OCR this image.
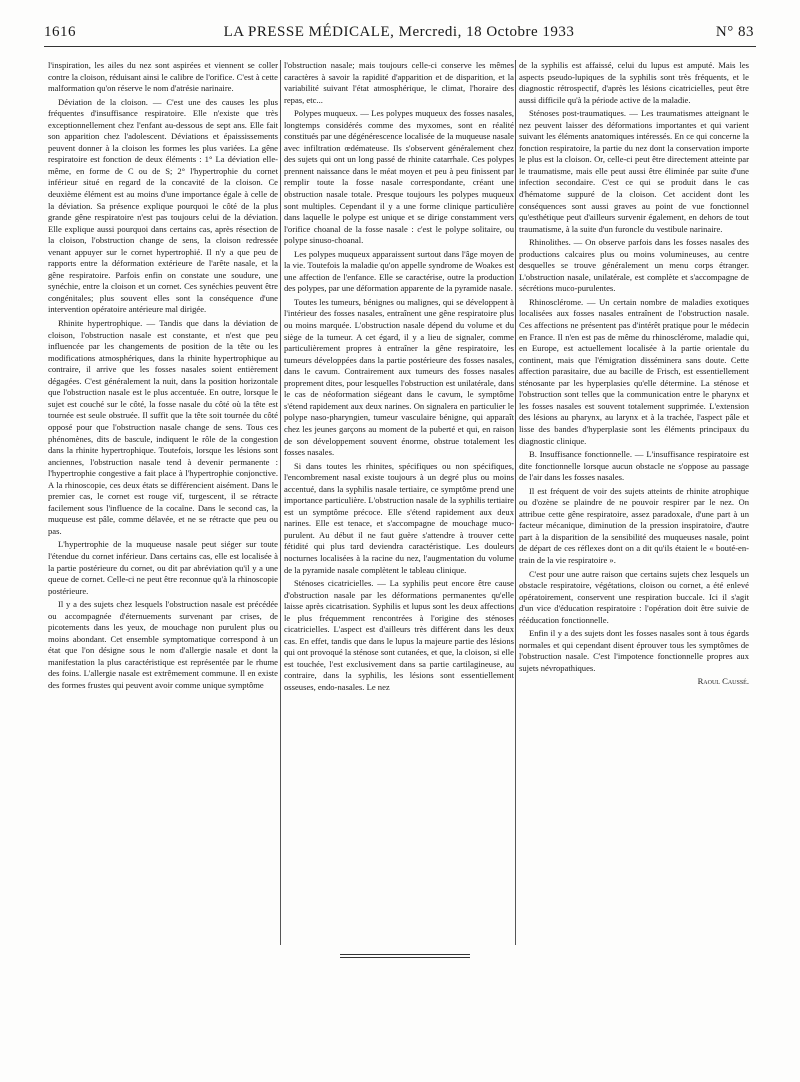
1616	LA PRESSE MÉDICALE, Mercredi, 18 Octobre 1933	N° 83

l'inspiration, les ailes du nez sont aspirées et viennent se coller contre la cloison, réduisant ainsi le calibre de l'orifice. C'est à cette malformation qu'on réserve le nom d'atrésie narinaire.

Déviation de la cloison. — C'est une des causes les plus fréquentes d'insuffisance respiratoire. Elle n'existe que très exceptionnellement chez l'enfant au-dessous de sept ans. Elle fait son apparition chez l'adolescent. Déviations et épaississements peuvent donner à la cloison les formes les plus variées. La gêne respiratoire est fonction de deux éléments : 1° La déviation elle-même, en forme de C ou de S; 2° l'hypertrophie du cornet inférieur situé en regard de la concavité de la cloison. Ce deuxième élément est au moins d'une importance égale à celle de la déviation. Sa présence explique pourquoi le côté de la plus grande gêne respiratoire n'est pas toujours celui de la déviation. Elle explique aussi pourquoi dans certains cas, après résection de la cloison, l'obstruction change de sens, la cloison redressée venant appuyer sur le cornet hypertrophié. Il n'y a que peu de rapports entre la déformation extérieure de l'arête nasale, et la gêne respiratoire. Parfois enfin on constate une soudure, une synéchie, entre la cloison et un cornet. Ces synéchies peuvent être congénitales; plus souvent elles sont la conséquence d'une intervention opératoire antérieure mal dirigée.

Rhinite hypertrophique. — Tandis que dans la déviation de cloison, l'obstruction nasale est constante, et n'est que peu influencée par les changements de position de la tête ou les modifications atmosphériques, dans la rhinite hypertrophique au contraire, il arrive que les fosses nasales soient entièrement dégagées. C'est généralement la nuit, dans la position horizontale que l'obstruction nasale est le plus accentuée. En outre, lorsque le sujet est couché sur le côté, la fosse nasale du côté où la tête est tournée est seule obstruée. Il suffit que la tête soit tournée du côté opposé pour que l'obstruction nasale change de sens. Tous ces phénomènes, dits de bascule, indiquent le rôle de la congestion dans la rhinite hypertrophique. Toutefois, lorsque les lésions sont anciennes, l'obstruction nasale tend à devenir permanente : l'hypertrophie congestive a fait place à l'hypertrophie conjonctive. A la rhinoscopie, ces deux états se différencient aisément. Dans le premier cas, le cornet est rouge vif, turgescent, il se rétracte facilement sous l'influence de la cocaïne. Dans le second cas, la muqueuse est pâle, comme délavée, et ne se rétracte que peu ou pas.

L'hypertrophie de la muqueuse nasale peut siéger sur toute l'étendue du cornet inférieur. Dans certains cas, elle est localisée à la partie postérieure du cornet, ou dit par abréviation qu'il y a une queue de cornet. Celle-ci ne peut être reconnue qu'à la rhinoscopie postérieure.

Il y a des sujets chez lesquels l'obstruction nasale est précédée ou accompagnée d'éternuements survenant par crises, de picotements dans les yeux, de mouchage non purulent plus ou moins abondant. Cet ensemble symptomatique correspond à un état que l'on désigne sous le nom d'allergie nasale et dont la manifestation la plus caractéristique est représentée par le rhume des foins. L'allergie nasale est extrêmement commune. Il en existe des formes frustes qui peuvent avoir comme unique symptôme

l'obstruction nasale; mais toujours celle-ci conserve les mêmes caractères à savoir la rapidité d'apparition et de disparition, et la variabilité suivant l'état atmosphérique, le climat, l'horaire des repas, etc...

Polypes muqueux. — Les polypes muqueux des fosses nasales, longtemps considérés comme des myxomes, sont en réalité constitués par une dégénérescence localisée de la muqueuse nasale avec infiltration œdémateuse. Ils s'observent généralement chez des sujets qui ont un long passé de rhinite catarrhale. Ces polypes prennent naissance dans le méat moyen et peu à peu finissent par remplir toute la fosse nasale correspondante, créant une obstruction nasale totale. Presque toujours les polypes muqueux sont multiples. Cependant il y a une forme clinique particulière dans laquelle le polype est unique et se dirige constamment vers l'orifice choanal de la fosse nasale : c'est le polype solitaire, ou polype sinuso-choanal.

Les polypes muqueux apparaissent surtout dans l'âge moyen de la vie. Toutefois la maladie qu'on appelle syndrome de Woakes est une affection de l'enfance. Elle se caractérise, outre la production des polypes, par une déformation apparente de la pyramide nasale.

Toutes les tumeurs, bénignes ou malignes, qui se développent à l'intérieur des fosses nasales, entraînent une gêne respiratoire plus ou moins marquée. L'obstruction nasale dépend du volume et du siège de la tumeur. A cet égard, il y a lieu de signaler, comme particulièrement propres à entraîner la gêne respiratoire, les tumeurs développées dans la partie postérieure des fosses nasales, dans le cavum. Contrairement aux tumeurs des fosses nasales proprement dites, pour lesquelles l'obstruction est unilatérale, dans le cas de néoformation siégeant dans le cavum, le symptôme s'étend rapidement aux deux narines. On signalera en particulier le polype naso-pharyngien, tumeur vasculaire bénigne, qui apparaît chez les jeunes garçons au moment de la puberté et qui, en raison de son développement souvent énorme, obstrue totalement les fosses nasales.

Si dans toutes les rhinites, spécifiques ou non spécifiques, l'encombrement nasal existe toujours à un degré plus ou moins accentué, dans la syphilis nasale tertiaire, ce symptôme prend une importance particulière. L'obstruction nasale de la syphilis tertiaire est un symptôme précoce. Elle s'étend rapidement aux deux narines. Elle est tenace, et s'accompagne de mouchage muco-purulent. Au début il ne faut guère s'attendre à trouver cette fétidité qui plus tard deviendra caractéristique. Les douleurs nocturnes localisées à la racine du nez, l'augmentation du volume de la pyramide nasale complètent le tableau clinique.

Sténoses cicatricielles. — La syphilis peut encore être cause d'obstruction nasale par les déformations permanentes qu'elle laisse après cicatrisation. Syphilis et lupus sont les deux affections le plus fréquemment rencontrées à l'origine des sténoses cicatricielles. L'aspect est d'ailleurs très différent dans les deux cas. En effet, tandis que dans le lupus la majeure partie des lésions qui ont provoqué la sténose sont cutanées, et que, la cloison, si elle est touchée, l'est exclusivement dans sa partie cartilagineuse, au contraire, dans la syphilis, les lésions sont essentiellement osseuses, endo-nasales. Le nez

de la syphilis est affaissé, celui du lupus est amputé. Mais les aspects pseudo-lupiques de la syphilis sont très fréquents, et le diagnostic rétrospectif, d'après les lésions cicatricielles, peut être aussi difficile qu'à la période active de la maladie.

Sténoses post-traumatiques. — Les traumatismes atteignant le nez peuvent laisser des déformations importantes et qui varient suivant les éléments anatomiques intéressés. En ce qui concerne la fonction respiratoire, la partie du nez dont la conservation importe le plus est la cloison. Or, celle-ci peut être directement atteinte par le traumatisme, mais elle peut aussi être éliminée par suite d'une infection secondaire. C'est ce qui se produit dans le cas d'hématome suppuré de la cloison. Cet accident dont les conséquences sont aussi graves au point de vue fonctionnel qu'esthétique peut d'ailleurs survenir également, en dehors de tout traumatisme, à la suite d'un furoncle du vestibule narinaire.

Rhinolithes. — On observe parfois dans les fosses nasales des productions calcaires plus ou moins volumineuses, au centre desquelles se trouve généralement un menu corps étranger. L'obstruction nasale, unilatérale, est complète et s'accompagne de sécrétions muco-purulentes.

Rhinosclérome. — Un certain nombre de maladies exotiques localisées aux fosses nasales entraînent de l'obstruction nasale. Ces affections ne présentent pas d'intérêt pratique pour le médecin en France. Il n'en est pas de même du rhinosclérome, maladie qui, en Europe, est actuellement localisée à la partie orientale du continent, mais que l'émigration disséminera sans doute. Cette affection parasitaire, due au bacille de Frisch, est essentiellement sténosante par les hyperplasies qu'elle détermine. La sténose et l'obstruction sont telles que la communication entre le pharynx et les fosses nasales est souvent totalement supprimée. L'extension des lésions au pharynx, au larynx et à la trachée, l'aspect pâle et lisse des bandes d'hyperplasie sont les éléments principaux du diagnostic clinique.

B. Insuffisance fonctionnelle. — L'insuffisance respiratoire est dite fonctionnelle lorsque aucun obstacle ne s'oppose au passage de l'air dans les fosses nasales.

Il est fréquent de voir des sujets atteints de rhinite atrophique ou d'ozène se plaindre de ne pouvoir respirer par le nez. On attribue cette gêne respiratoire, assez paradoxale, d'une part à un facteur mécanique, diminution de la pression inspiratoire, d'autre part à la disparition de la sensibilité des muqueuses nasale, point de départ de ces réflexes dont on a dit qu'ils étaient le « bouté-en-train de la vie respiratoire ».

C'est pour une autre raison que certains sujets chez lesquels un obstacle respiratoire, végétations, cloison ou cornet, a été enlevé opératoirement, conservent une respiration buccale. Ici il s'agit d'un vice d'éducation respiratoire : l'opération doit être suivie de rééducation fonctionnelle.

Enfin il y a des sujets dont les fosses nasales sont à tous égards normales et qui cependant disent éprouver tous les symptômes de l'obstruction nasale. C'est l'impotence fonctionnelle propres aux sujets névropathiques.

Raoul Caussé.
